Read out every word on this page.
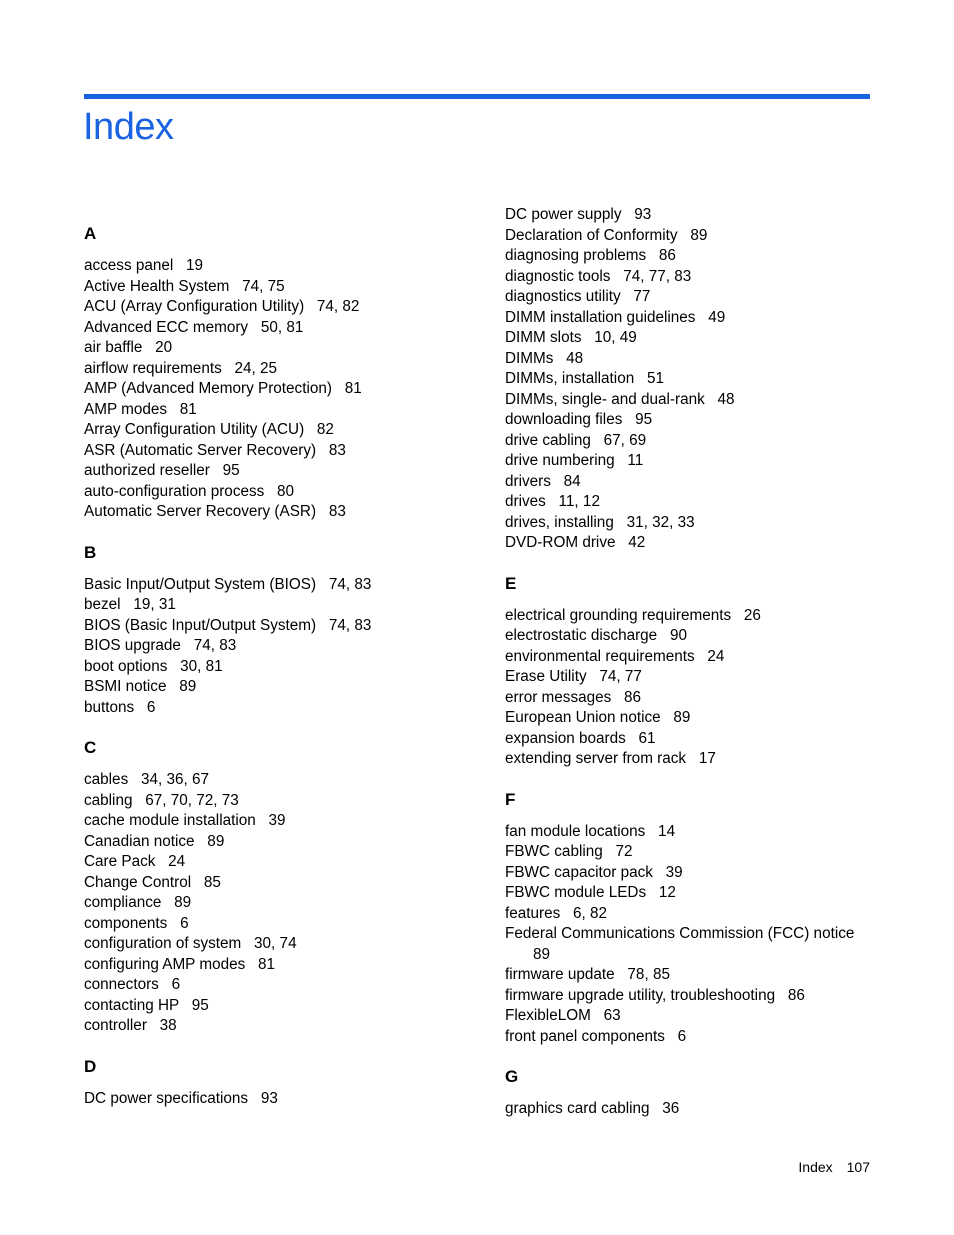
Index
A
access panel   19
Active Health System   74, 75
ACU (Array Configuration Utility)   74, 82
Advanced ECC memory   50, 81
air baffle   20
airflow requirements   24, 25
AMP (Advanced Memory Protection)   81
AMP modes   81
Array Configuration Utility (ACU)   82
ASR (Automatic Server Recovery)   83
authorized reseller   95
auto-configuration process   80
Automatic Server Recovery (ASR)   83
B
Basic Input/Output System (BIOS)   74, 83
bezel   19, 31
BIOS (Basic Input/Output System)   74, 83
BIOS upgrade   74, 83
boot options   30, 81
BSMI notice   89
buttons   6
C
cables   34, 36, 67
cabling   67, 70, 72, 73
cache module installation   39
Canadian notice   89
Care Pack   24
Change Control   85
compliance   89
components   6
configuration of system   30, 74
configuring AMP modes   81
connectors   6
contacting HP   95
controller   38
D
DC power specifications   93
DC power supply   93
Declaration of Conformity   89
diagnosing problems   86
diagnostic tools   74, 77, 83
diagnostics utility   77
DIMM installation guidelines   49
DIMM slots   10, 49
DIMMs   48
DIMMs, installation   51
DIMMs, single- and dual-rank   48
downloading files   95
drive cabling   67, 69
drive numbering   11
drivers   84
drives   11, 12
drives, installing   31, 32, 33
DVD-ROM drive   42
E
electrical grounding requirements   26
electrostatic discharge   90
environmental requirements   24
Erase Utility   74, 77
error messages   86
European Union notice   89
expansion boards   61
extending server from rack   17
F
fan module locations   14
FBWC cabling   72
FBWC capacitor pack   39
FBWC module LEDs   12
features   6, 82
Federal Communications Commission (FCC) notice   89
firmware update   78, 85
firmware upgrade utility, troubleshooting   86
FlexibleLOM   63
front panel components   6
G
graphics card cabling   36
Index 107
